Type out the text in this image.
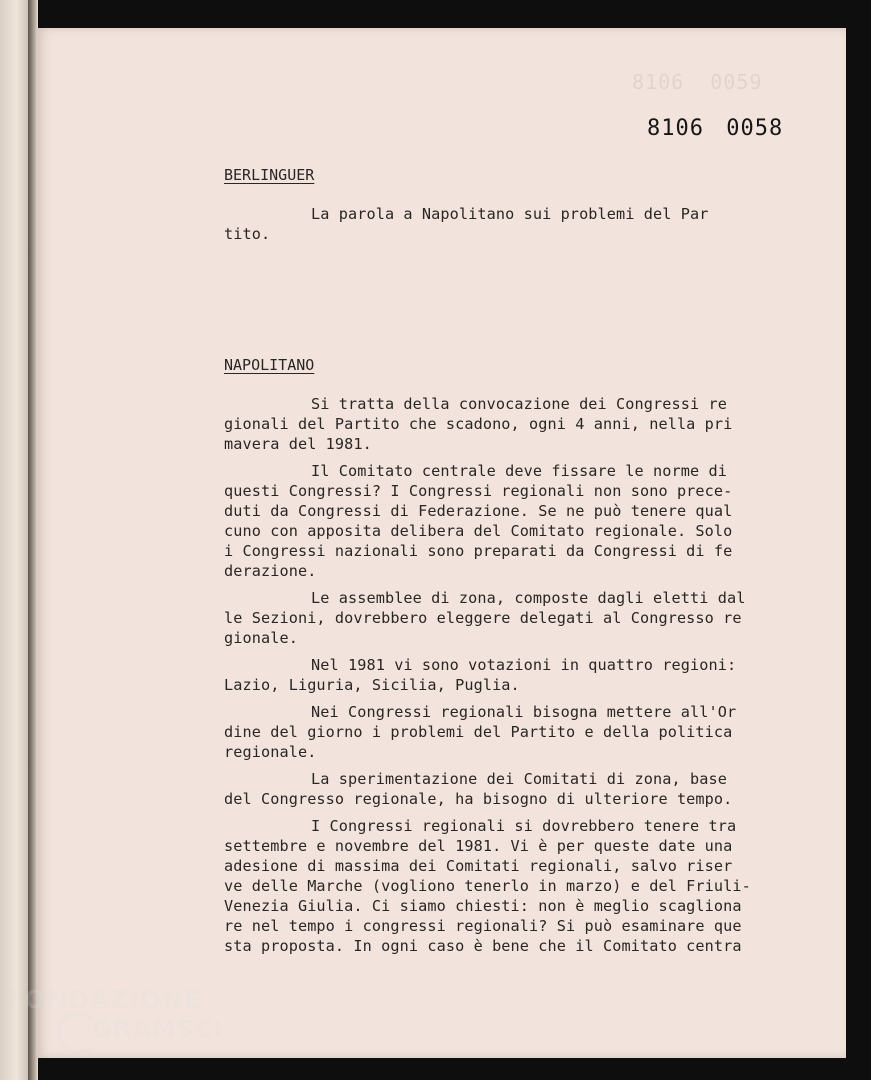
8106  0059
8106 0058

BERLINGUER

La parola a Napolitano sui problemi del Par
tito.

NAPOLITANO

Si tratta della convocazione dei Congressi re
gionali del Partito che scadono, ogni 4 anni, nella pri
mavera del 1981.

Il Comitato centrale deve fissare le norme di
questi Congressi? I Congressi regionali non sono prece-
duti da Congressi di Federazione. Se ne può tenere qual
cuno con apposita delibera del Comitato regionale. Solo
i Congressi nazionali sono preparati da Congressi di fe
derazione.

Le assemblee di zona, composte dagli eletti dal
le Sezioni, dovrebbero eleggere delegati al Congresso re
gionale.

Nel 1981 vi sono votazioni in quattro regioni:
Lazio, Liguria, Sicilia, Puglia.

Nei Congressi regionali bisogna mettere all'Or
dine del giorno i problemi del Partito e della politica
regionale.

La sperimentazione dei Comitati di zona, base
del Congresso regionale, ha bisogno di ulteriore tempo.

I Congressi regionali si dovrebbero tenere tra
settembre e novembre del 1981. Vi è per queste date una
adesione di massima dei Comitati regionali, salvo riser
ve delle Marche (vogliono tenerlo in marzo) e del Friuli-
Venezia Giulia. Ci siamo chiesti: non è meglio scagliona
re nel tempo i congressi regionali? Si può esaminare que
sta proposta. In ogni caso è bene che il Comitato centra

FONDAZIONE
GRAMSCI
